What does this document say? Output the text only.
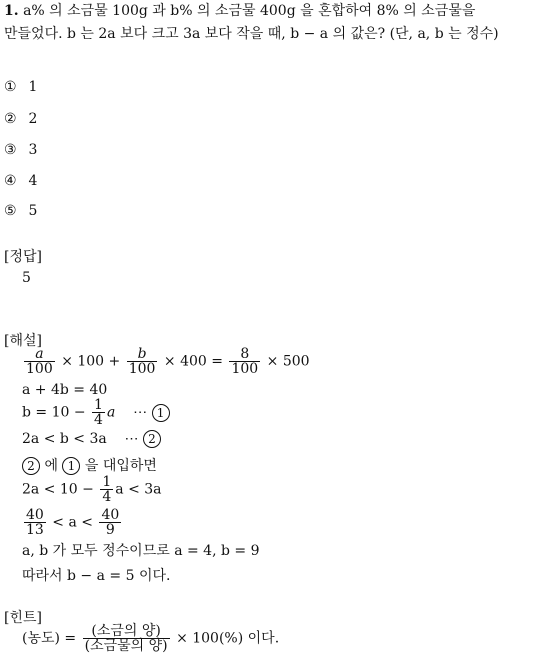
1. a% 의 소금물 100g 과 b% 의 소금물 400g 을 혼합하여 8% 의 소금물을
만들었다. b 는 2a 보다 크고 3a 보다 작을 때, b − a 의 값은? (단, a, b 는 정수)
① 1
② 2
③ 3
④ 4
⑤ 5
[정답]
5
[해설]
$\frac{a}{100} \times 100 + \frac{b}{100} \times 400 = \frac{8}{100} \times 500$
a + 4b = 40
$b = 10 - \frac{1}{4}$ a ⋯ 1
2a < b < 3a ⋯ 2
2 에 1 을 대입하면
$2a < 10 - \frac{1}{4}$ a < 3a
$\frac{40}{13} < a < \frac{40}{9}$
a, b 가 모두 정수이므로 a = 4, b = 9
따라서 b − a = 5 이다.
[힌트]
(농도) = $\frac{\text{(소금의 양)}}{\text{(소금물의 양)}} \times 100(\%)$ 이다.
